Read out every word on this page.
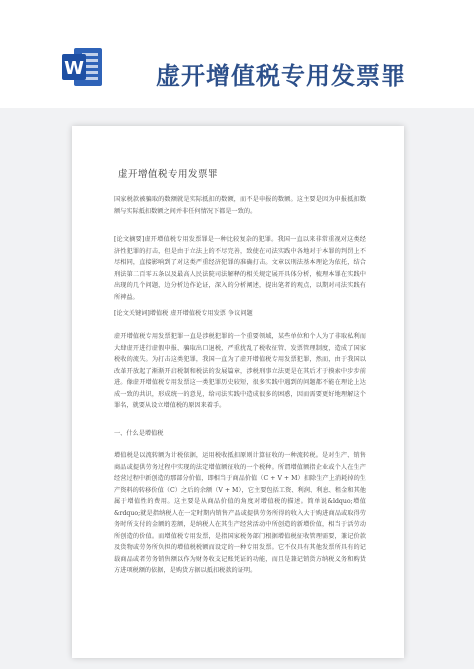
W	虚开增值税专用发票罪
虚开增值税专用发票罪

国家税款被骗取的数额就是实际抵扣的数额，而不是申报的数额。这主要是因为申报抵扣数额与实际抵扣数额之间并非任何情况下都是一致的。

[论文摘要]虚开增值税专用发票罪是一种比较复杂的犯罪。我国一直以来非常重视对这类经济性犯罪的打击，但是由于立法上的不尽完善，致使在司法实践中各地对于本罪的判罚上不尽相同，直接影响到了对这类严重经济犯罪的准确打击。文章以刑法基本理论为依托，结合刑法第二百零五条以及最高人民法院司法解释的相关规定展开具体分析，梳理本罪在实践中出现的几个问题，边分析边作论证，深入的分析阐述，提出笔者的观点，以期对司法实践有所裨益。

[论文关键词]增值税 虚开增值税专用发票 争议问题

虚开增值税专用发票犯罪一直是涉税犯罪的一个重要领域，某些单位和个人为了非取私利而大肆虚开进行虚假申报、骗取出口退税，严重扰乱了税收征管、发票管理制度，造成了国家税收的流失。为打击这类犯罪，我国一直为了虚开增值税专用发票犯罪，然而，由于我国以改革开放起了渐渐开启税制和税法的发展篇章，涉税刑事立法更是在其后才于摸索中步步前进。像虚开增值税专用发票这一类犯罪历史较短，很多实践中遇到的问题都不能在理论上达成一致的共识，形成统一的意见，给司法实践中造成很多的困惑，因而需要更好地理解这个罪名，就要从设立增值税的原因来着手。

一、什么是增值税

增值税是以流转额为计税依据，运用税收抵扣原则计算征收的一种流转税。是对生产、销售商品或提供劳务过程中实现的法定增值额征收的一个税种。所谓增值额指企业或个人在生产经营过程中新创造的那部分价值，即相当于商品价值（C + V + M）扣除生产上消耗掉的生产资料的转移价值（C）之后的余额（V + M），它主要包括工资、利润、利息、租金和其他属于增值性的费用。这主要是从商品价值的角度对增值税的描述。简单说&ldquo;增值&rdquo;就是指纳税人在一定时期内销售产品或提供劳务所得的收入大于购进商品或取得劳务时所支付的金额的差额，是纳税人在其生产经营活动中所创造的新增价值，相当于活劳动所创造的价值。而增值税专用发票，是指国家税务部门根据增值税征收管理需要，兼记价款及货物或劳务所负担的增值税税额而设定的一种专用发票。它不仅具有其他发票所具有的记载商品或者劳务销售额以作为财务收支记账凭证的功能，而且是兼记销货方纳税义务和购货方进项税额的依据，是购货方据以抵扣税款的证明。
